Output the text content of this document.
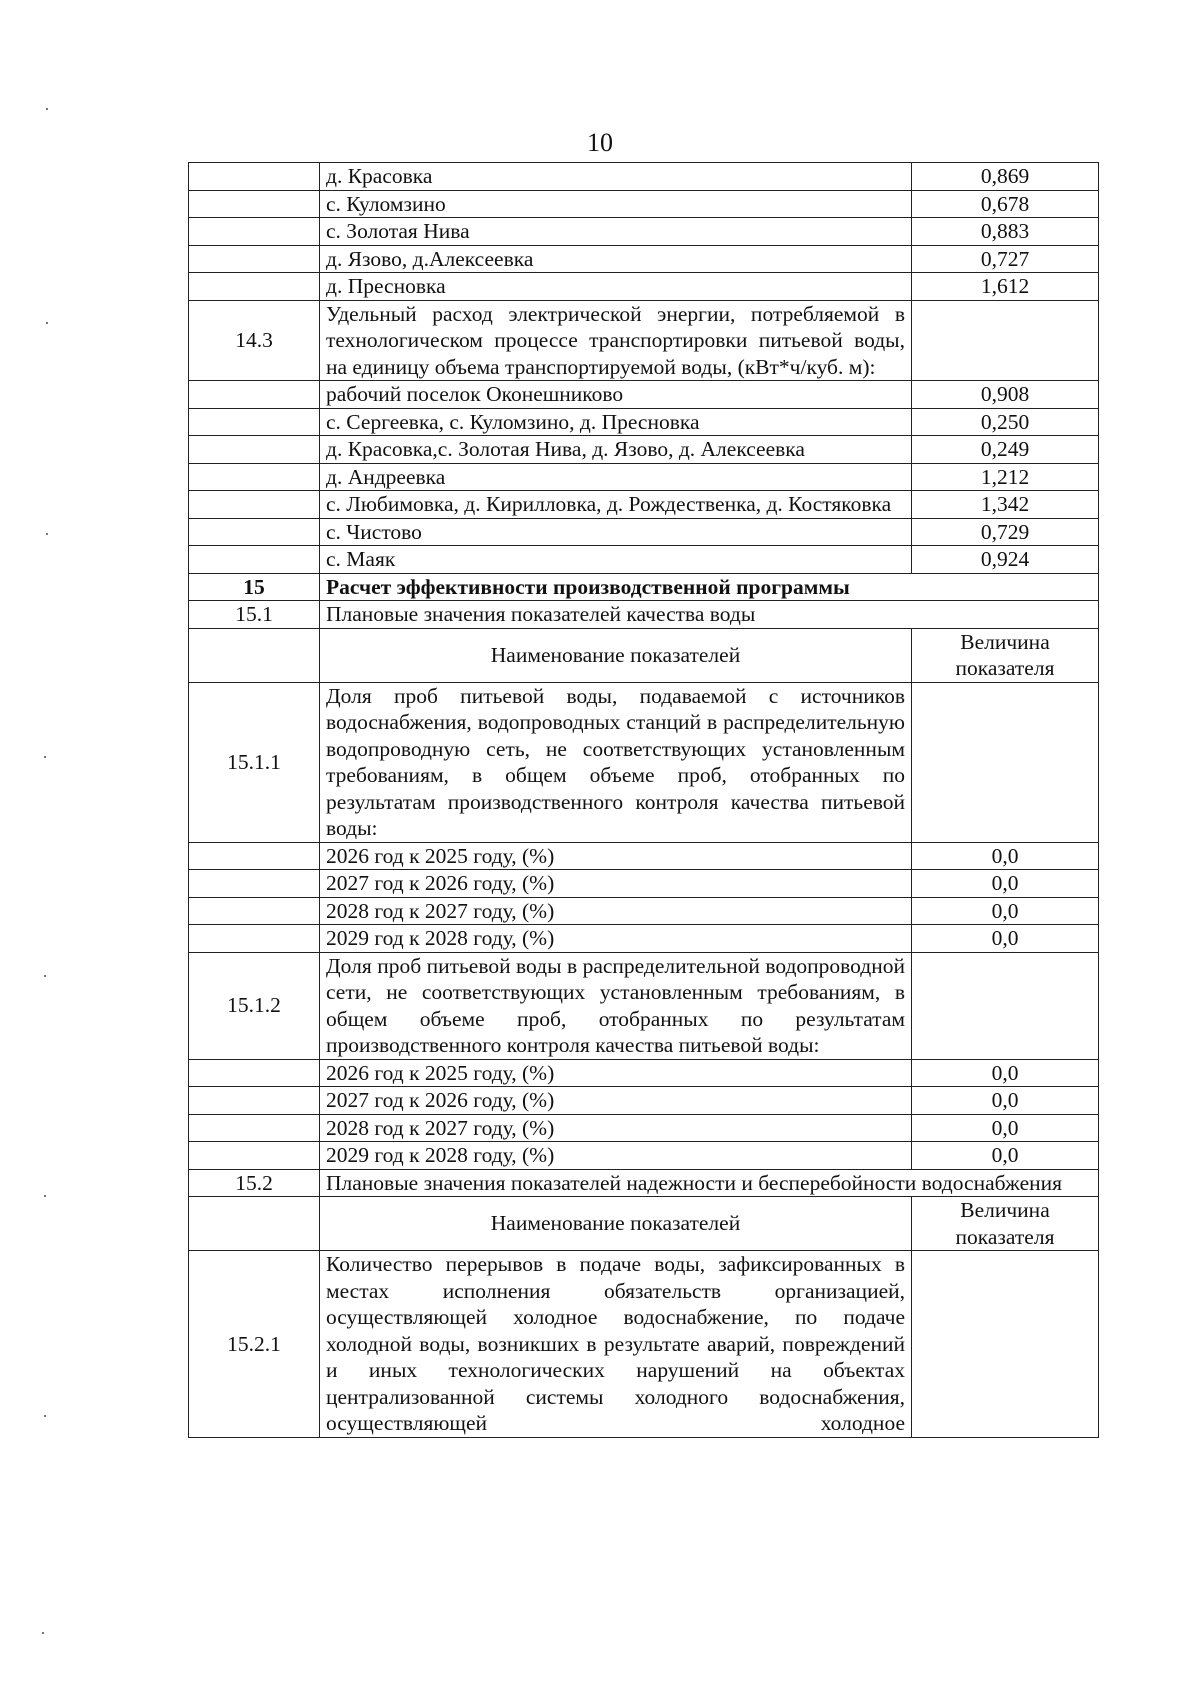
10
	д. Красовка	0,869
	с. Куломзино	0,678
	с. Золотая Нива	0,883
	д. Язово, д.Алексеевка	0,727
	д. Пресновка	1,612
14.3	Удельный расход электрической энергии, потребляемой в технологическом процессе транспортировки питьевой воды, на единицу объема транспортируемой воды, (кВт*ч/куб. м):	
	рабочий поселок Оконешниково	0,908
	с. Сергеевка, с. Куломзино, д. Пресновка	0,250
	д. Красовка,с. Золотая Нива, д. Язово, д. Алексеевка	0,249
	д. Андреевка	1,212
	с. Любимовка, д. Кирилловка, д. Рождественка, д. Костяковка	1,342
	с. Чистово	0,729
	с. Маяк	0,924
15	Расчет эффективности производственной программы	
15.1	Плановые значения показателей качества воды	
	Наименование показателей	Величина показателя
15.1.1	Доля проб питьевой воды, подаваемой с источников водоснабжения, водопроводных станций в распределительную водопроводную сеть, не соответствующих установленным требованиям, в общем объеме проб, отобранных по результатам производственного контроля качества питьевой воды:	
	2026 год к 2025 году, (%)	0,0
	2027 год к 2026 году, (%)	0,0
	2028 год к 2027 году, (%)	0,0
	2029 год к 2028 году, (%)	0,0
15.1.2	Доля проб питьевой воды в распределительной водопроводной сети, не соответствующих установленным требованиям, в общем объеме проб, отобранных по результатам производственного контроля качества питьевой воды:	
	2026 год к 2025 году, (%)	0,0
	2027 год к 2026 году, (%)	0,0
	2028 год к 2027 году, (%)	0,0
	2029 год к 2028 году, (%)	0,0
15.2	Плановые значения показателей надежности и бесперебойности водоснабжения	
	Наименование показателей	Величина показателя
15.2.1	Количество перерывов в подаче воды, зафиксированных в местах исполнения обязательств организацией, осуществляющей холодное водоснабжение, по подаче холодной воды, возникших в результате аварий, повреждений и иных технологических нарушений на объектах централизованной системы холодного водоснабжения, осуществляющей холодное	
